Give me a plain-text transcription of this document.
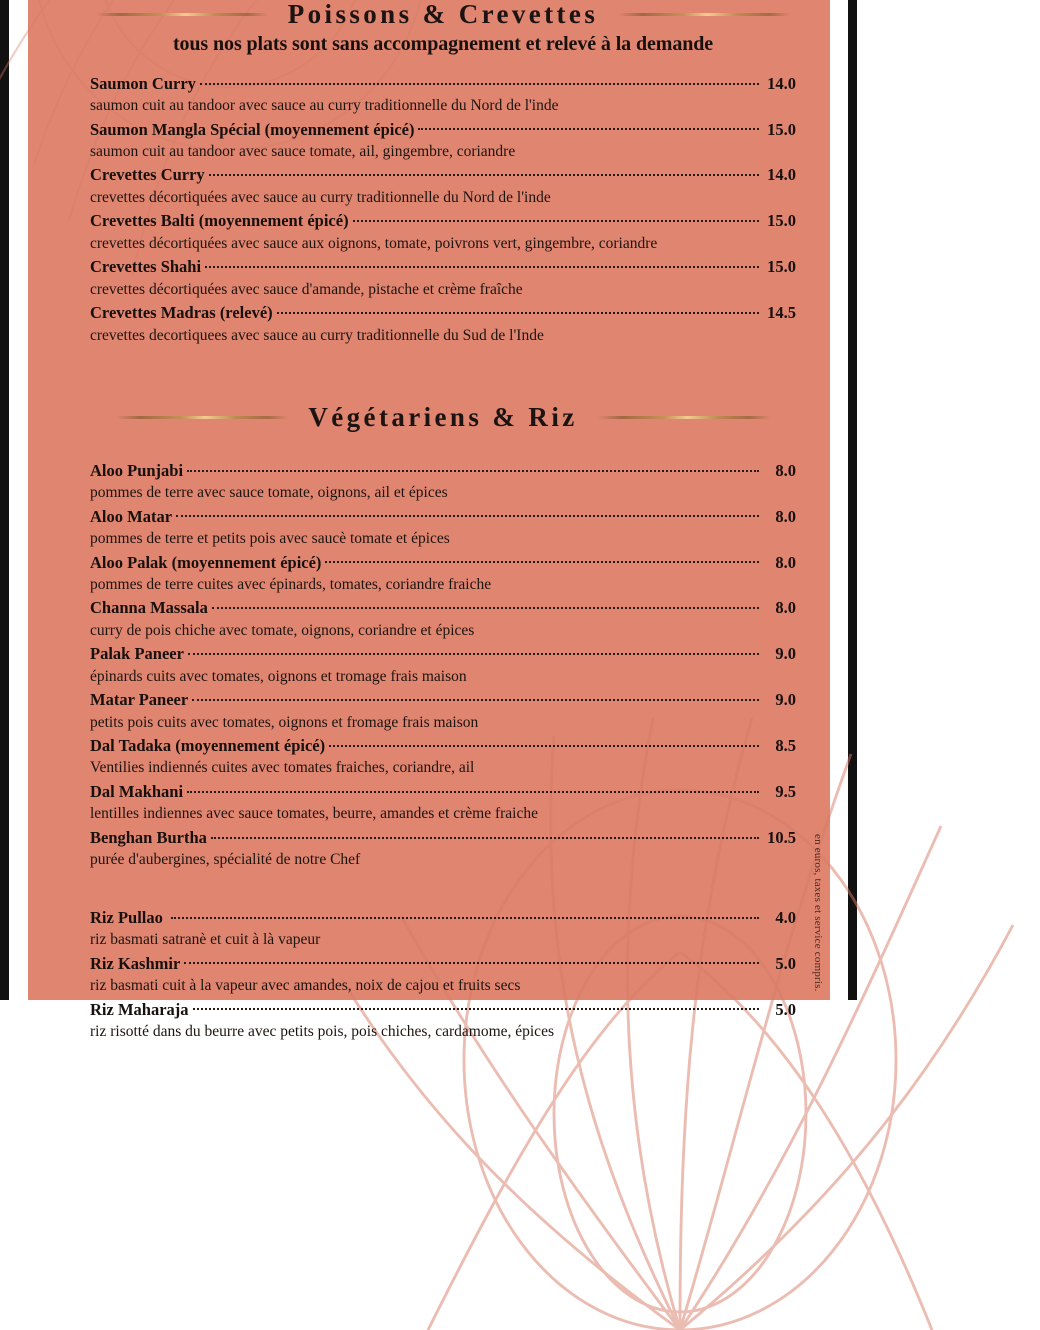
Poissons & Crevettes
tous nos plats sont sans accompagnement et relevé à la demande
Saumon Curry	14.0
saumon cuit au tandoor avec sauce au curry traditionnelle du Nord de l'inde
Saumon Mangla Spécial (moyennement épicé)	15.0
saumon cuit au tandoor avec sauce tomate, ail, gingembre, coriandre
Crevettes Curry	14.0
crevettes décortiquées avec sauce au curry traditionnelle du Nord de l'inde
Crevettes Balti (moyennement épicé)	15.0
crevettes décortiquées avec sauce aux oignons, tomate, poivrons vert, gingembre, coriandre
Crevettes Shahi	15.0
crevettes décortiquées avec sauce d'amande, pistache et crème fraîche
Crevettes Madras (relevé)	14.5
crevettes decortiquees avec sauce au curry traditionnelle du Sud de l'Inde
Végétariens & Riz
Aloo Punjabi	8.0
pommes de terre avec sauce tomate, oignons, ail et épices
Aloo Matar	8.0
pommes de terre et petits pois avec saucè tomate et épices
Aloo Palak (moyennement épicé)	8.0
pommes de terre cuites avec épinards, tomates, coriandre fraiche
Channa Massala	8.0
curry de pois chiche avec tomate, oignons, coriandre et épices
Palak Paneer	9.0
épinards cuits avec tomates, oignons et tromage frais maison
Matar Paneer	9.0
petits pois cuits avec tomates, oignons et fromage frais maison
Dal Tadaka (moyennement épicé)	8.5
Ventilies indiennés cuites avec tomates fraiches, coriandre, ail
Dal Makhani	9.5
lentilles indiennes avec sauce tomates, beurre, amandes et crème fraiche
Benghan Burtha	10.5
purée d'aubergines, spécialité de notre Chef
Riz Pullao	4.0
riz basmati satranè et cuit à là vapeur
Riz Kashmir	5.0
riz basmati cuit à la vapeur avec amandes, noix de cajou et fruits secs
Riz Maharaja	5.0
riz risotté dans du beurre avec petits pois, pois chiches, cardamome, épices
en euros, taxes et service compris.
